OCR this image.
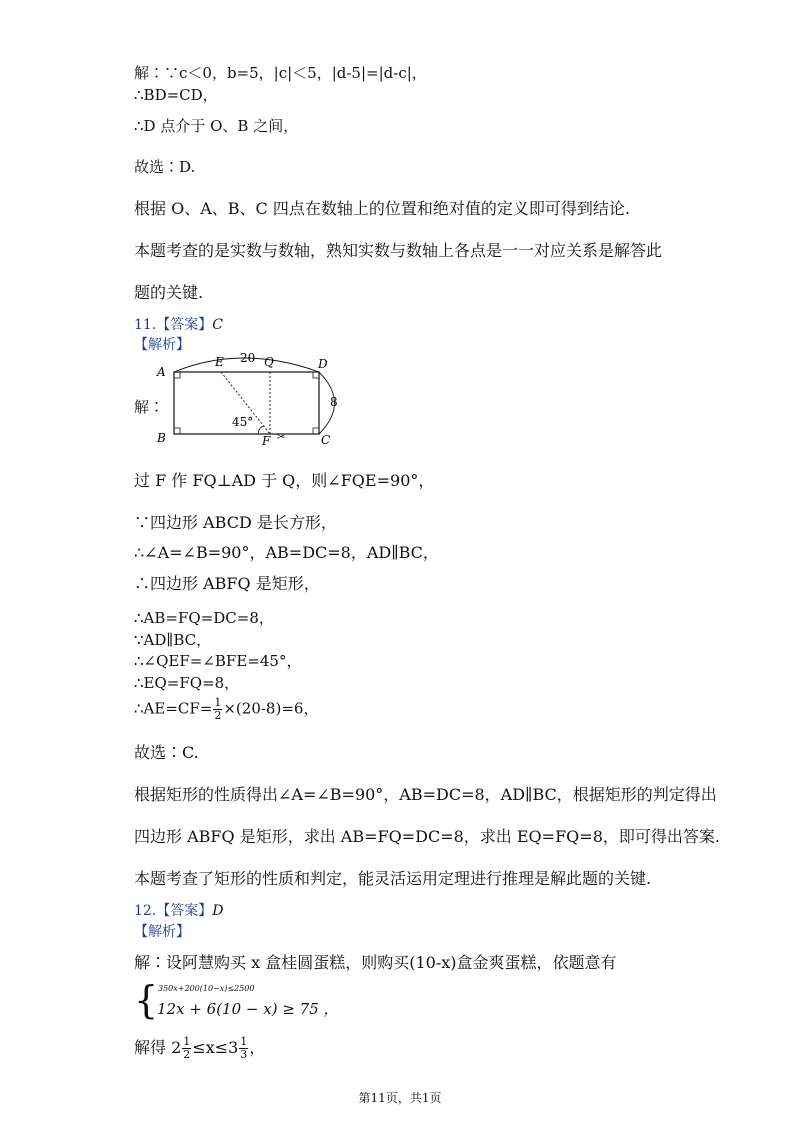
解∶∵c＜0，b=5，|c|＜5，|d-5|=|d-c|，
∴BD=CD，
∴D 点介于 O、B 之间，
故选∶D.
根据 O、A、B、C 四点在数轴上的位置和绝对值的定义即可得到结论.
本题考查的是实数与数轴，熟知实数与数轴上各点是一一对应关系是解答此
题的关键.
11.【答案】C
【解析】
解∶
✂
A
B	C
D
E	Q
F
20
8
45°
过 F 作 FQ⊥AD 于 Q，则∠FQE=90°，
∵四边形 ABCD 是长方形，
∴∠A=∠B=90°，AB=DC=8，AD∥BC，
∴四边形 ABFQ 是矩形，
∴AB=FQ=DC=8，
∵AD∥BC，
∴∠QEF=∠BFE=45°，
∴EQ=FQ=8，
∴AE=CF= $\frac{1}{2} \times(20-8)=6$，
故选∶C.
根据矩形的性质得出∠A=∠B=90°，AB=DC=8，AD∥BC，根据矩形的判定得出
四边形 ABFQ 是矩形，求出 AB=FQ=DC=8，求出 EQ=FQ=8，即可得出答案.
本题考查了矩形的性质和判定，能灵活运用定理进行推理是解此题的关键.
12.【答案】D
【解析】
解∶设阿慧购买 x 盒桂圆蛋糕，则购买(10-x)盒金爽蛋糕，依题意有
{ 350x+200(10−x)≤2500
12x + 6(10 − x) ≥ 75 ，
解得 $2 \frac{1}{2} \le x\le 3 \frac{1}{3}$ ，
第11页，共1页
